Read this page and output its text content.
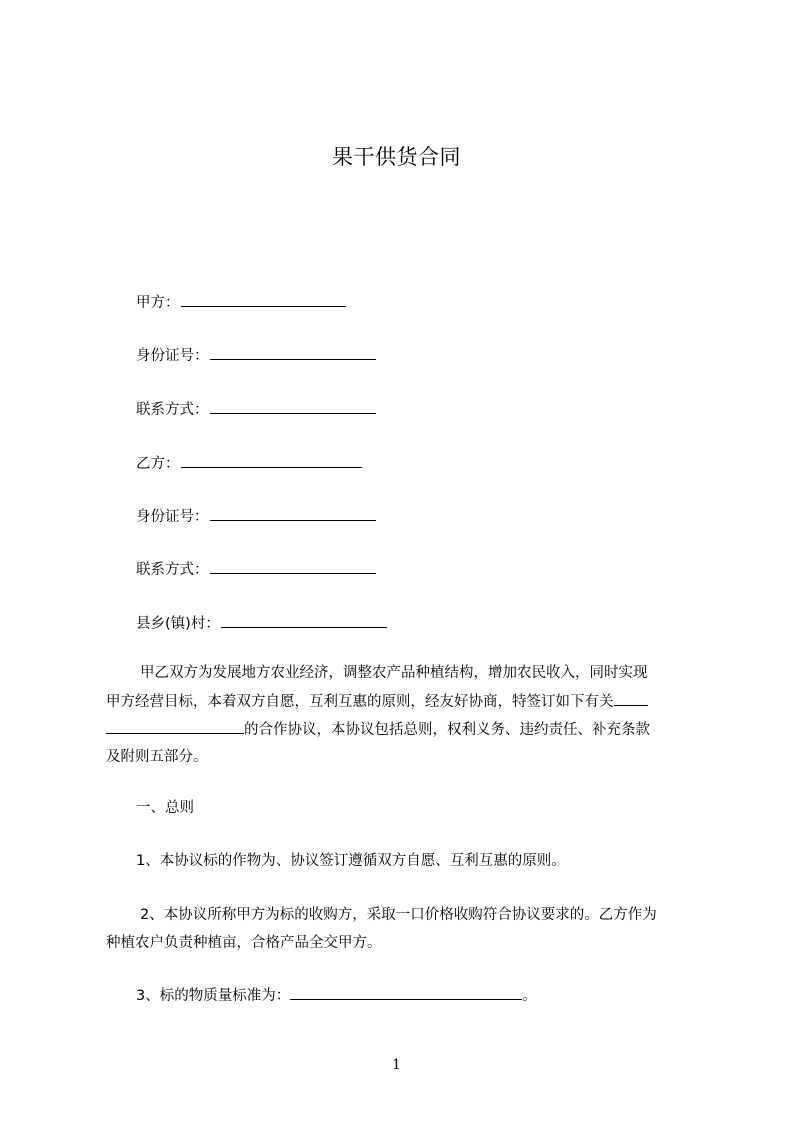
果干供货合同
甲方：
身份证号：
联系方式：
乙方：
身份证号：
联系方式：
县乡(镇)村：
甲乙双方为发展地方农业经济，调整农产品种植结构，增加农民收入，同时实现
甲方经营目标，本着双方自愿，互利互惠的原则，经友好协商，特签订如下有关
的合作协议，本协议包括总则，权利义务、违约责任、补充条款
及附则五部分。
一、总则
1、本协议标的作物为、协议签订遵循双方自愿、互利互惠的原则。
2、本协议所称甲方为标的收购方，采取一口价格收购符合协议要求的。乙方作为
种植农户负责种植亩，合格产品全交甲方。
3、标的物质量标准为：	。
1
